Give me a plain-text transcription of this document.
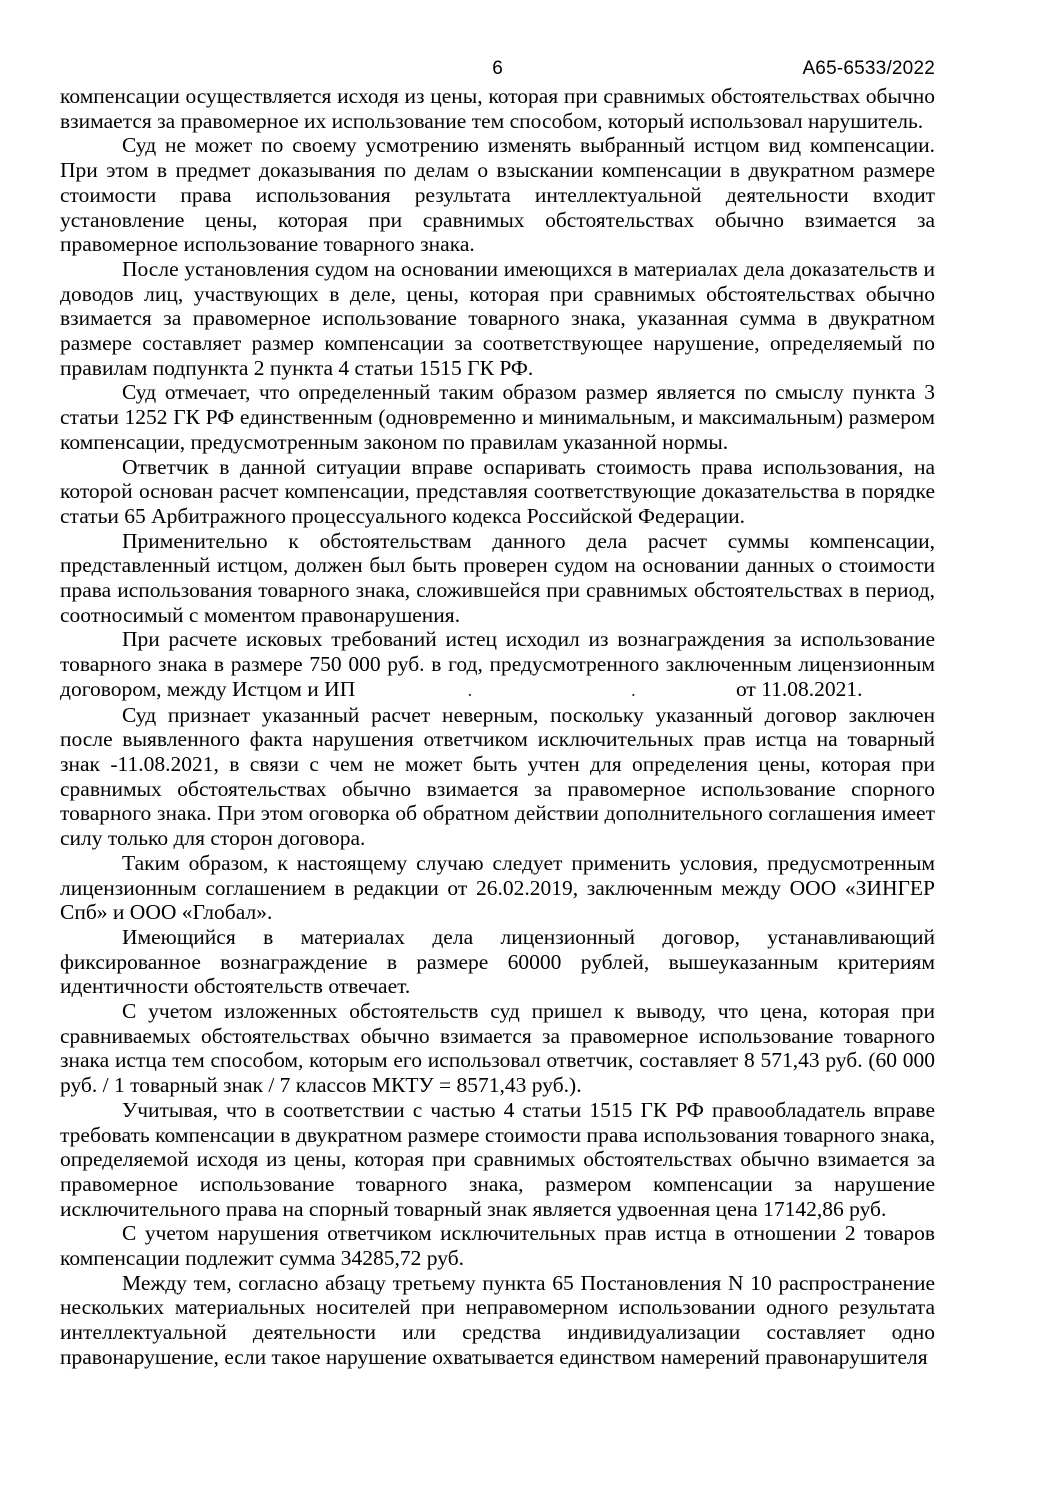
6	А65-6533/2022

компенсации осуществляется исходя из цены, которая при сравнимых обстоятельствах обычно взимается за правомерное их использование тем способом, который использовал нарушитель.

Суд не может по своему усмотрению изменять выбранный истцом вид компенсации. При этом в предмет доказывания по делам о взыскании компенсации в двукратном размере стоимости права использования результата интеллектуальной деятельности входит установление цены, которая при сравнимых обстоятельствах обычно взимается за правомерное использование товарного знака.

После установления судом на основании имеющихся в материалах дела доказательств и доводов лиц, участвующих в деле, цены, которая при сравнимых обстоятельствах обычно взимается за правомерное использование товарного знака, указанная сумма в двукратном размере составляет размер компенсации за соответствующее нарушение, определяемый по правилам подпункта 2 пункта 4 статьи 1515 ГК РФ.

Суд отмечает, что определенный таким образом размер является по смыслу пункта 3 статьи 1252 ГК РФ единственным (одновременно и минимальным, и максимальным) размером компенсации, предусмотренным законом по правилам указанной нормы.

Ответчик в данной ситуации вправе оспаривать стоимость права использования, на которой основан расчет компенсации, представляя соответствующие доказательства в порядке статьи 65 Арбитражного процессуального кодекса Российской Федерации.

Применительно к обстоятельствам данного дела расчет суммы компенсации, представленный истцом, должен был быть проверен судом на основании данных о стоимости права использования товарного знака, сложившейся при сравнимых обстоятельствах в период, соотносимый с моментом правонарушения.

При расчете исковых требований истец исходил из вознаграждения за использование товарного знака в размере 750 000 руб. в год, предусмотренного заключенным лицензионным договором, между Истцом и ИП	.	.	от 11.08.2021.

Суд признает указанный расчет неверным, поскольку указанный договор заключен после выявленного факта нарушения ответчиком исключительных прав истца на товарный знак -11.08.2021, в связи с чем не может быть учтен для определения цены, которая при сравнимых обстоятельствах обычно взимается за правомерное использование спорного товарного знака. При этом оговорка об обратном действии дополнительного соглашения имеет силу только для сторон договора.

Таким образом, к настоящему случаю следует применить условия, предусмотренным лицензионным соглашением в редакции от 26.02.2019, заключенным между ООО «ЗИНГЕР Спб» и ООО «Глобал».

Имеющийся в материалах дела лицензионный договор, устанавливающий фиксированное вознаграждение в размере 60000 рублей, вышеуказанным критериям идентичности обстоятельств отвечает.

С учетом изложенных обстоятельств суд пришел к выводу, что цена, которая при сравниваемых обстоятельствах обычно взимается за правомерное использование товарного знака истца тем способом, которым его использовал ответчик, составляет 8 571,43 руб. (60 000 руб. / 1 товарный знак / 7 классов МКТУ = 8571,43 руб.).

Учитывая, что в соответствии с частью 4 статьи 1515 ГК РФ правообладатель вправе требовать компенсации в двукратном размере стоимости права использования товарного знака, определяемой исходя из цены, которая при сравнимых обстоятельствах обычно взимается за правомерное использование товарного знака, размером компенсации за нарушение исключительного права на спорный товарный знак является удвоенная цена 17142,86 руб.

С учетом нарушения ответчиком исключительных прав истца в отношении 2 товаров компенсации подлежит сумма 34285,72 руб.

Между тем, согласно абзацу третьему пункта 65 Постановления N 10 распространение нескольких материальных носителей при неправомерном использовании одного результата интеллектуальной деятельности или средства индивидуализации составляет одно правонарушение, если такое нарушение охватывается единством намерений правонарушителя
